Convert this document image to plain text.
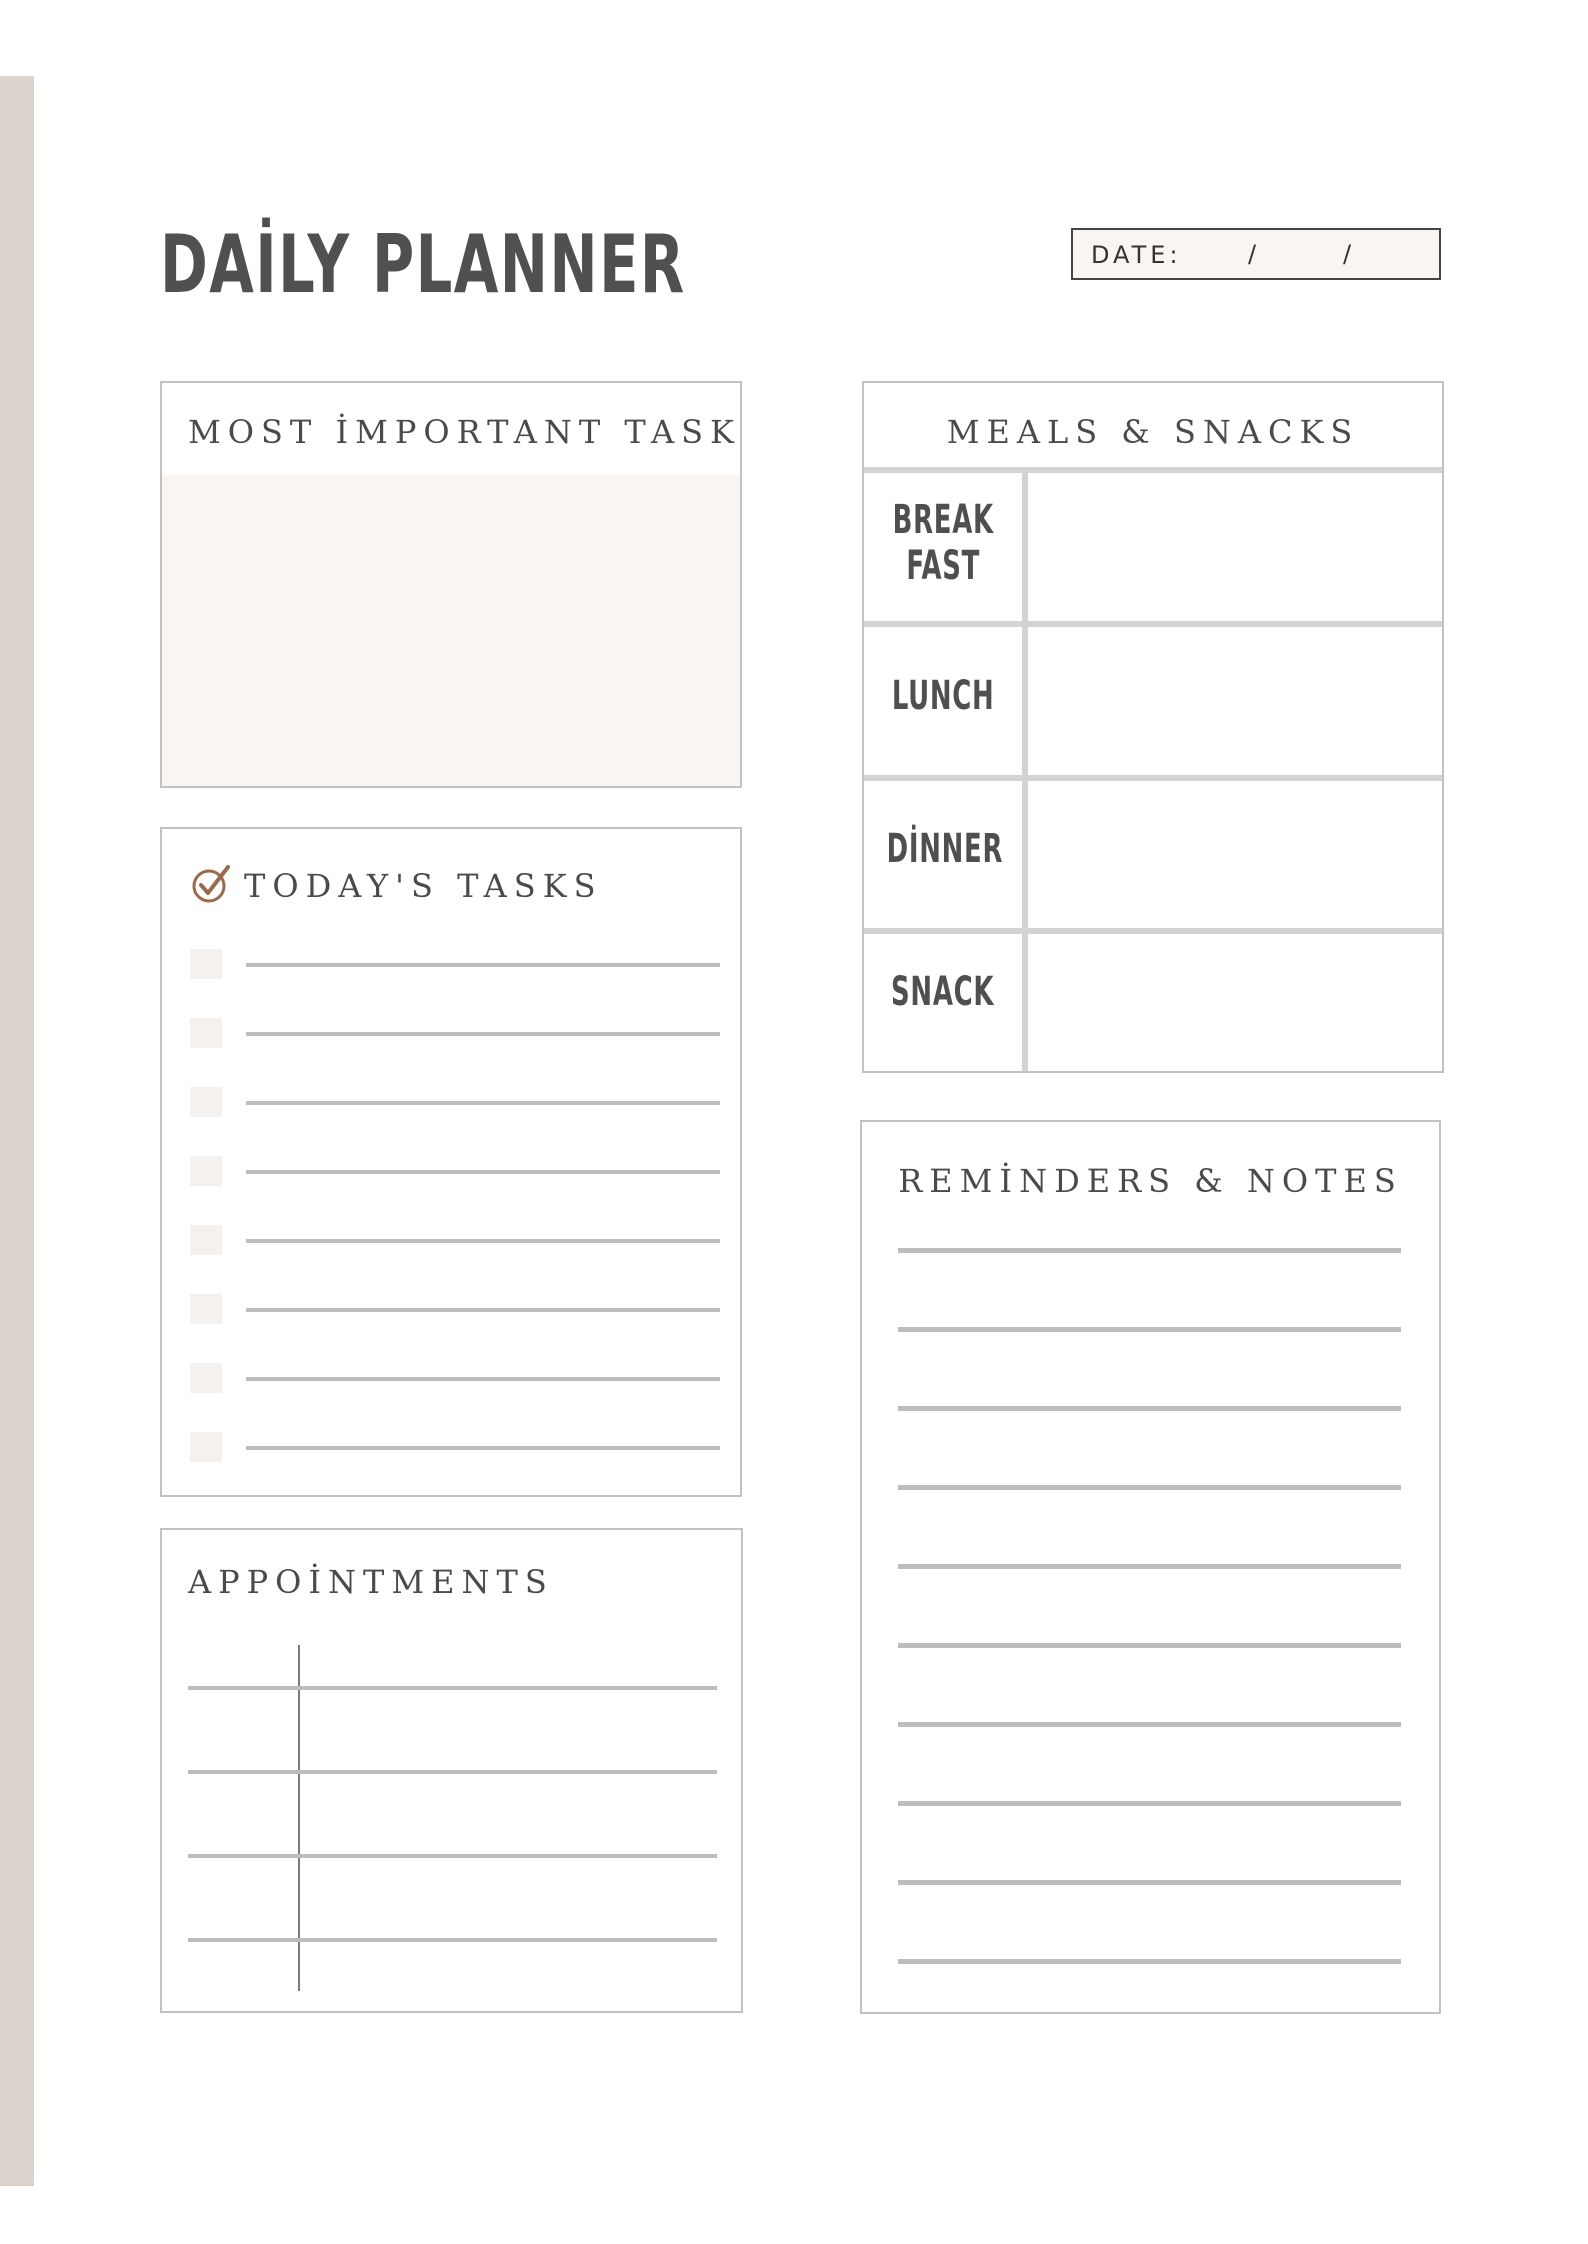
DAİLY PLANNER	DATE:	/	/
MOST İMPORTANT TASK
TODAY'S TASKS
APPOİNTMENTS
MEALS & SNACKS
BREAK
FAST
LUNCH
DİNNER
SNACK
REMİNDERS & NOTES
